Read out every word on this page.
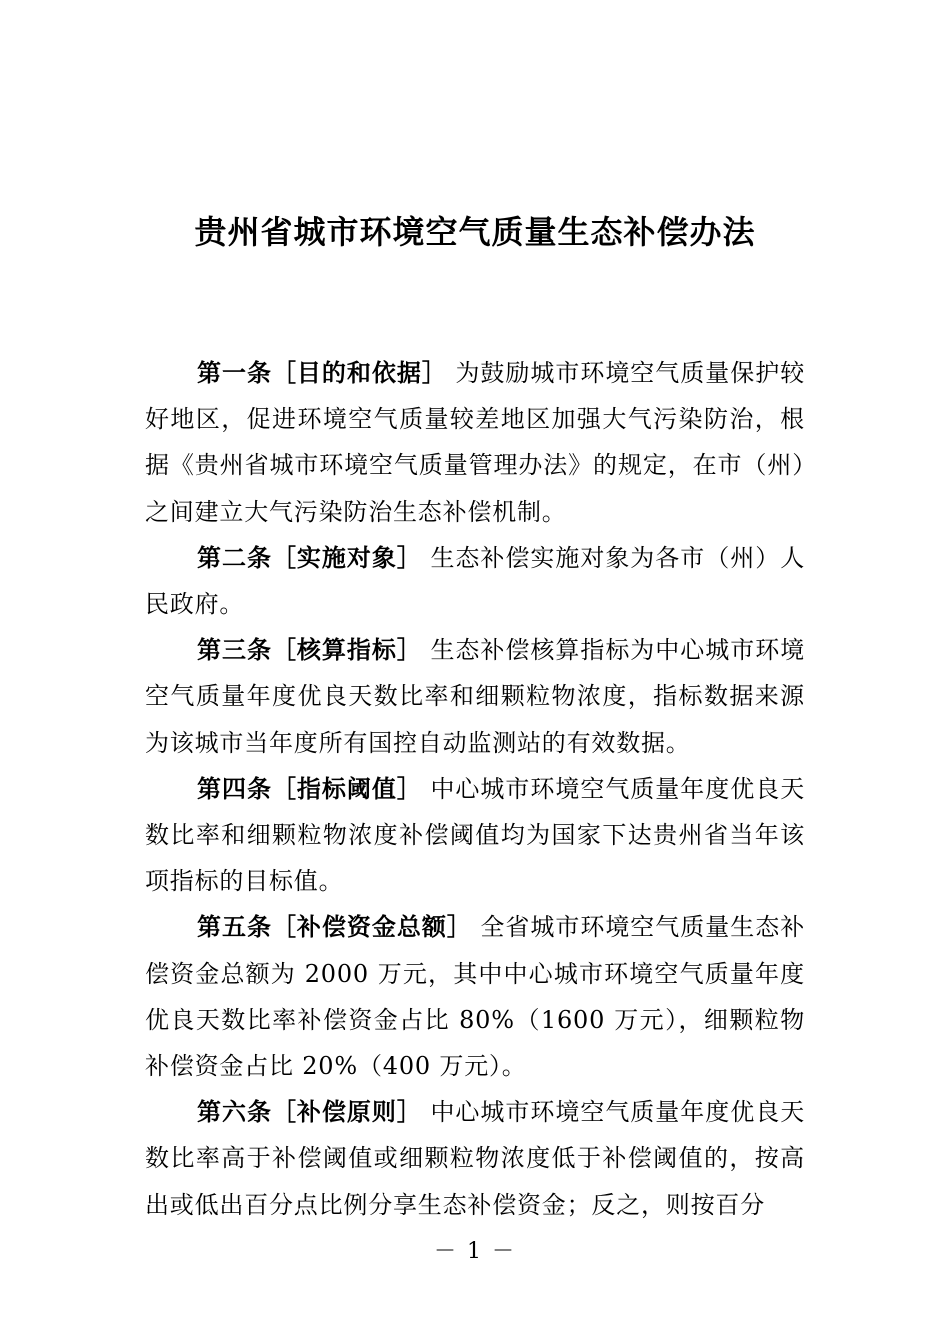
贵州省城市环境空气质量生态补偿办法

第一条［目的和依据］ 为鼓励城市环境空气质量保护较好地区，促进环境空气质量较差地区加强大气污染防治，根据《贵州省城市环境空气质量管理办法》的规定，在市（州）之间建立大气污染防治生态补偿机制。

第二条［实施对象］ 生态补偿实施对象为各市（州）人民政府。

第三条［核算指标］ 生态补偿核算指标为中心城市环境空气质量年度优良天数比率和细颗粒物浓度，指标数据来源为该城市当年度所有国控自动监测站的有效数据。

第四条［指标阈值］ 中心城市环境空气质量年度优良天数比率和细颗粒物浓度补偿阈值均为国家下达贵州省当年该项指标的目标值。

第五条［补偿资金总额］ 全省城市环境空气质量生态补偿资金总额为 2000 万元，其中中心城市环境空气质量年度优良天数比率补偿资金占比 80%（1600 万元），细颗粒物补偿资金占比 20%（400 万元）。

第六条［补偿原则］ 中心城市环境空气质量年度优良天数比率高于补偿阈值或细颗粒物浓度低于补偿阈值的，按高出或低出百分点比例分享生态补偿资金；反之，则按百分

－ 1 －
